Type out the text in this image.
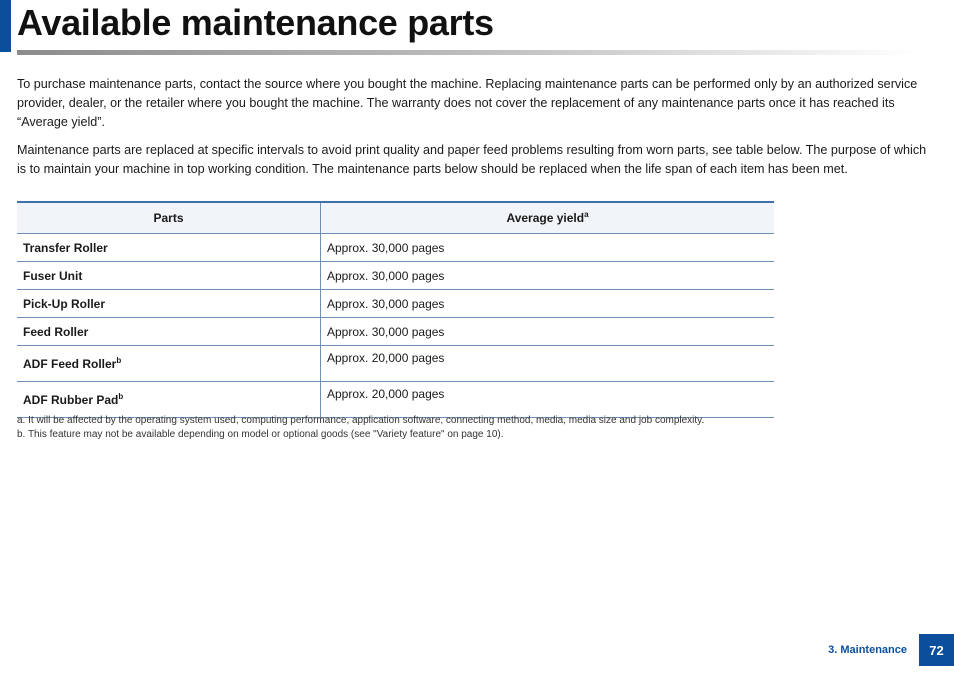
Available maintenance parts

To purchase maintenance parts, contact the source where you bought the machine. Replacing maintenance parts can be performed only by an authorized service provider, dealer, or the retailer where you bought the machine. The warranty does not cover the replacement of any maintenance parts once it has reached its “Average yield”.

Maintenance parts are replaced at specific intervals to avoid print quality and paper feed problems resulting from worn parts, see table below. The purpose of which is to maintain your machine in top working condition. The maintenance parts below should be replaced when the life span of each item has been met.

Parts	Average yield$^a$
Transfer Roller	Approx. 30,000 pages
Fuser Unit	Approx. 30,000 pages
Pick-Up Roller	Approx. 30,000 pages
Feed Roller	Approx. 30,000 pages
ADF Feed Roller$^b$	Approx. 20,000 pages
ADF Rubber Pad$^b$	Approx. 20,000 pages

a. It will be affected by the operating system used, computing performance, application software, connecting method, media, media size and job complexity.

b. This feature may not be available depending on model or optional goods (see "Variety feature" on page 10).

3. Maintenance	72
